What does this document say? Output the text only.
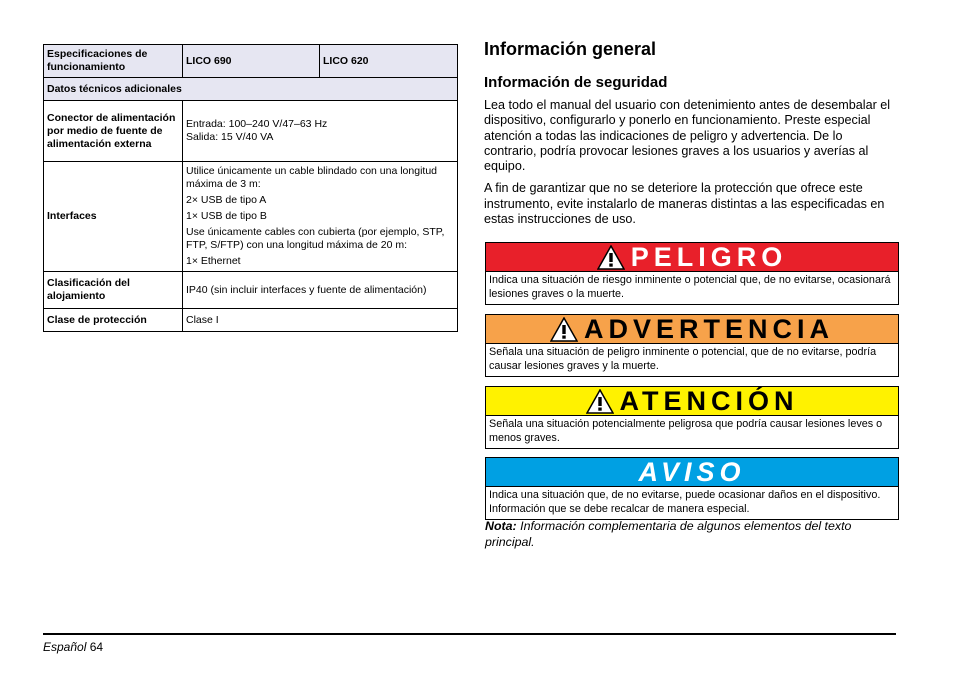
Especificaciones de funcionamiento	LICO 690	LICO 620
Datos técnicos adicionales		
Conector de alimentación por medio de fuente de alimentación externa	Entrada: 100–240 V/47–63 Hz

Salida: 15 V/40 VA	

Interfaces	Utilice únicamente un cable blindado con una longitud máxima de 3 m:

2× USB de tipo A

1× USB de tipo B

Use únicamente cables con cubierta (por ejemplo, STP, FTP, S/FTP) con una longitud máxima de 20 m:

1× Ethernet	

Clasificación del alojamiento	IP40 (sin incluir interfaces y fuente de alimentación)	

Clase de protección	Clase I	

Información general
Información de seguridad

Lea todo el manual del usuario con detenimiento antes de desembalar el dispositivo, configurarlo y ponerlo en funcionamiento. Preste especial atención a todas las indicaciones de peligro y advertencia. De lo contrario, podría provocar lesiones graves a los usuarios y averías al equipo.

A fin de garantizar que no se deteriore la protección que ofrece este instrumento, evite instalarlo de maneras distintas a las especificadas en estas instrucciones de uso.

PELIGRO
Indica una situación de riesgo inminente o potencial que, de no evitarse, ocasionará lesiones graves o la muerte.
ADVERTENCIA
Señala una situación de peligro inminente o potencial, que de no evitarse, podría causar lesiones graves y la muerte.
ATENCIÓN
Señala una situación potencialmente peligrosa que podría causar lesiones leves o menos graves.
AVISO
Indica una situación que, de no evitarse, puede ocasionar daños en el dispositivo. Información que se debe recalcar de manera especial.
Nota: Información complementaria de algunos elementos del texto principal.
Español 64
